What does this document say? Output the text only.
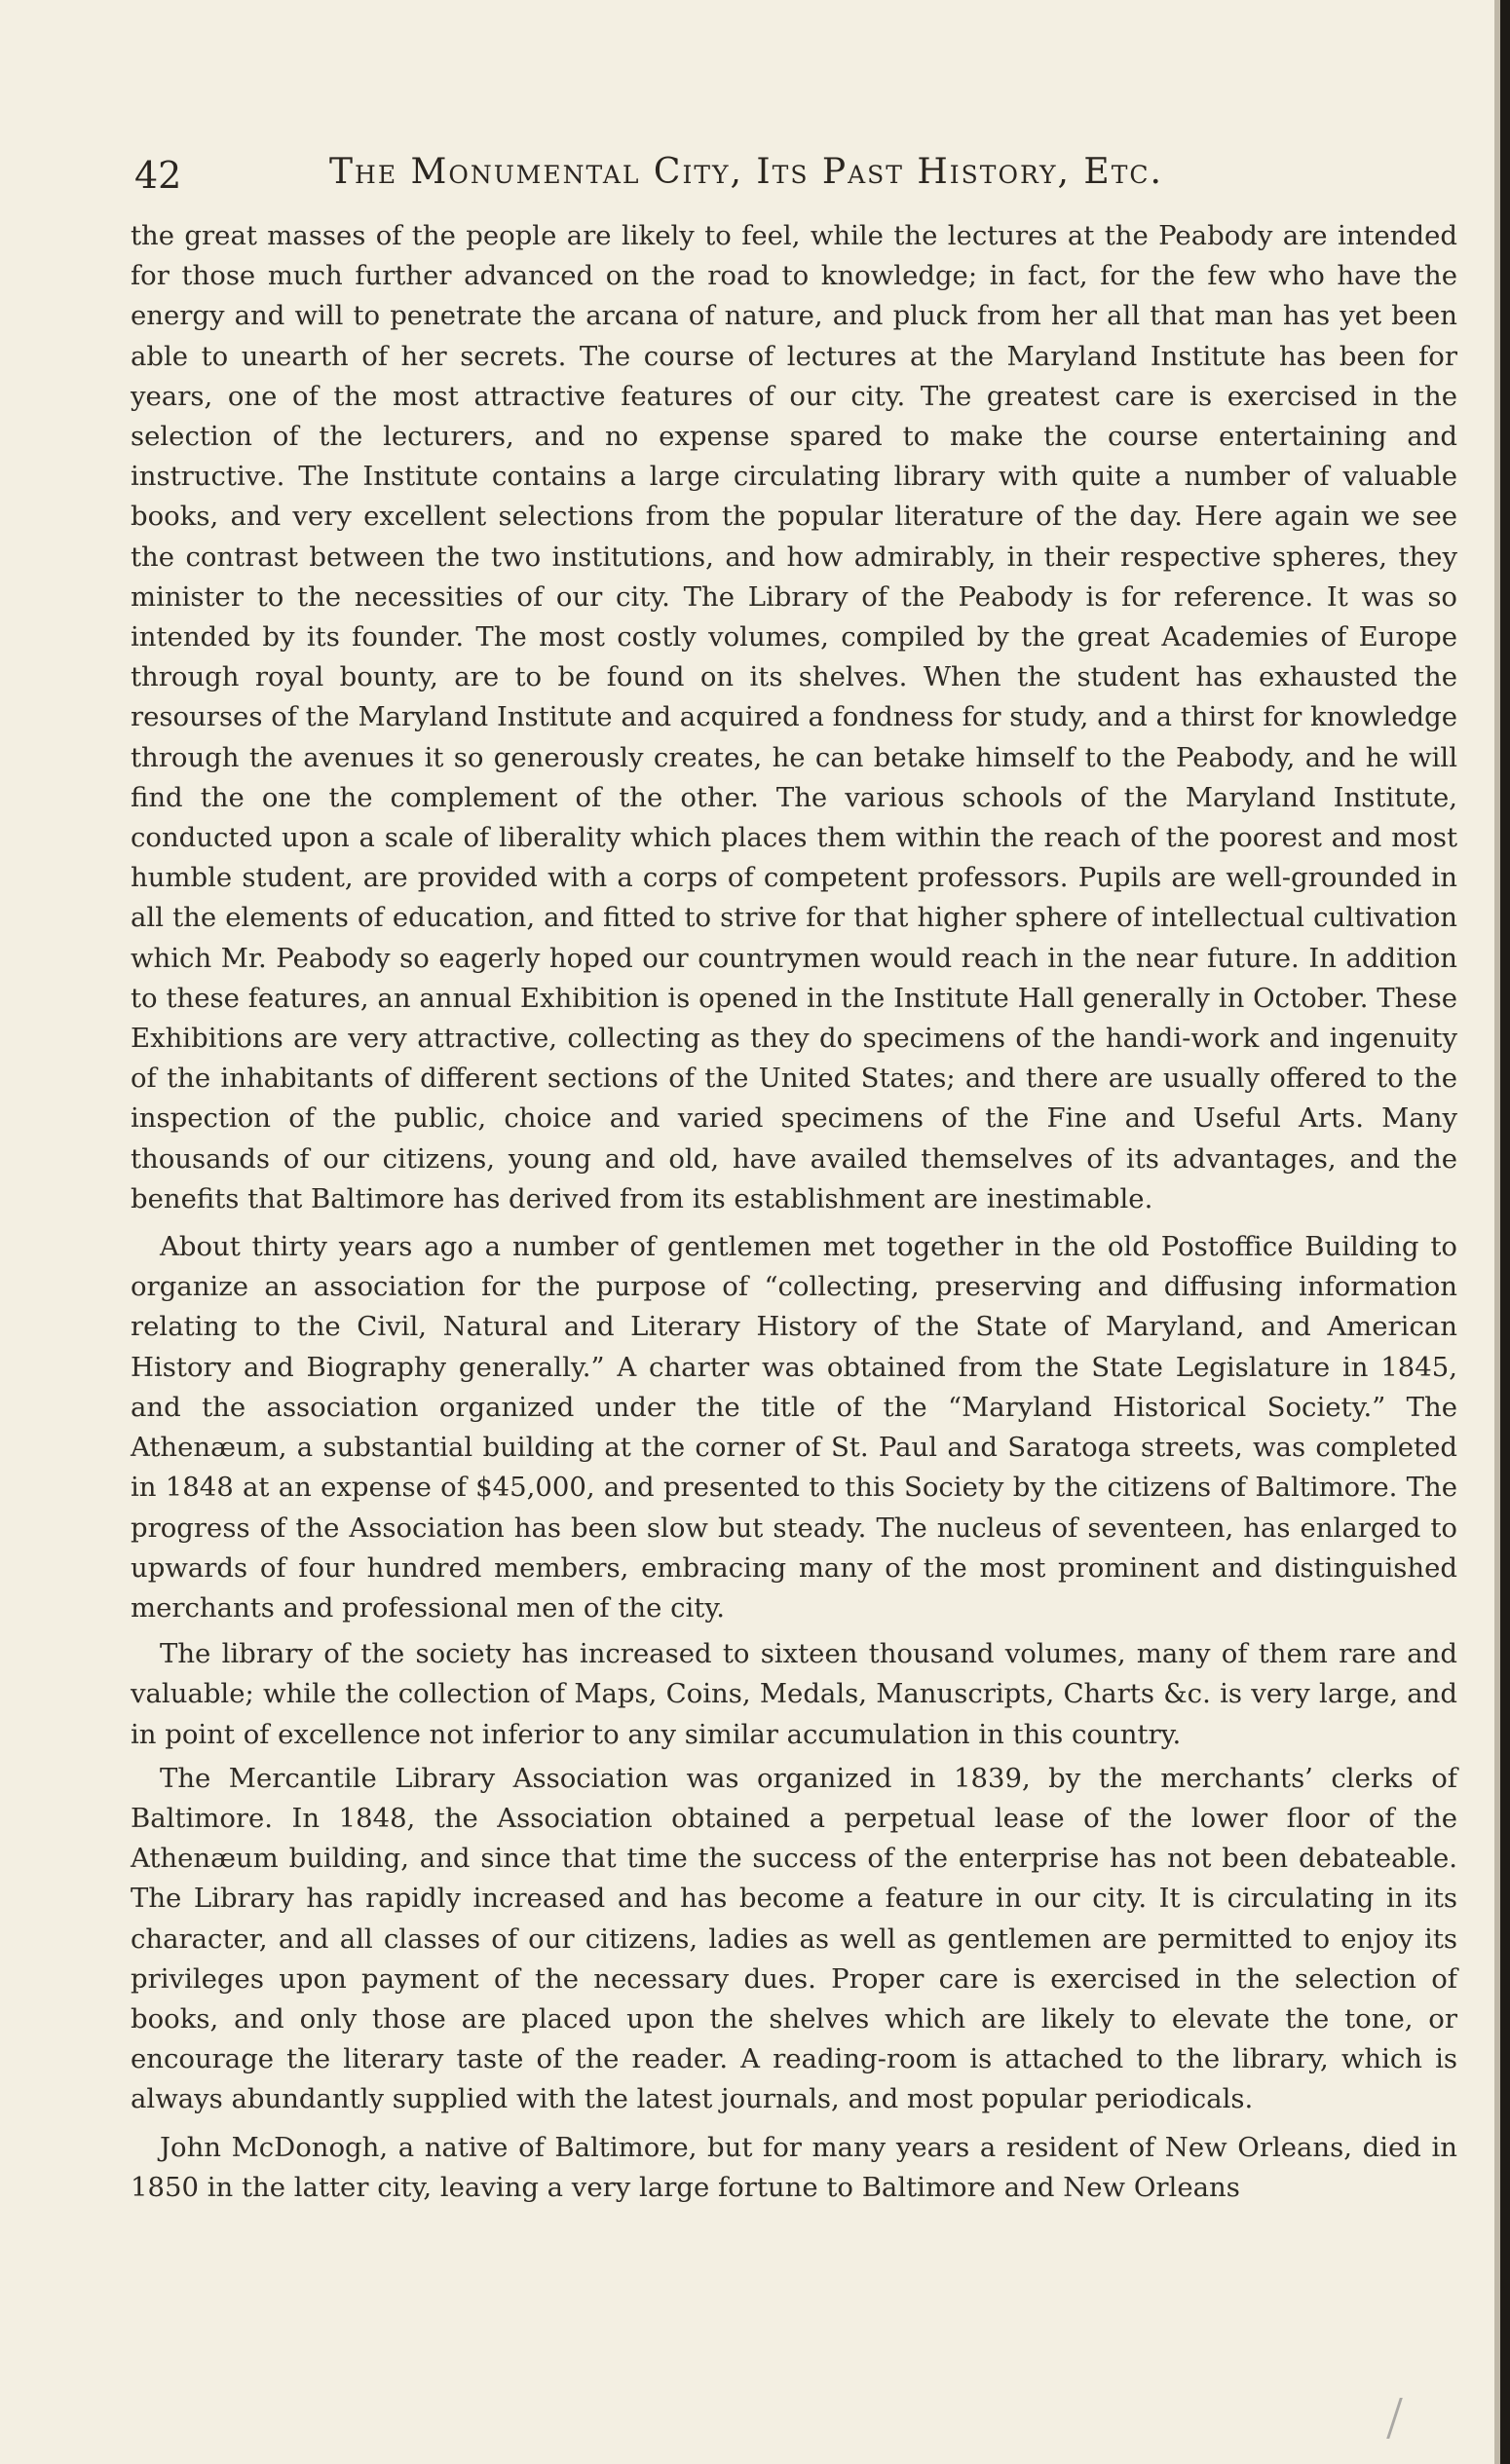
42	The Monumental City, Its Past History, Etc.

the great masses of the people are likely to feel, while the lectures at the Peabody are intended for those much further advanced on the road to knowledge; in fact, for the few who have the energy and will to penetrate the arcana of nature, and pluck from her all that man has yet been able to unearth of her secrets. The course of lectures at the Maryland Institute has been for years, one of the most attractive features of our city. The greatest care is exercised in the selection of the lecturers, and no expense spared to make the course entertaining and instructive. The Institute contains a large circulating library with quite a number of valuable books, and very excellent selections from the popular literature of the day. Here again we see the contrast between the two institutions, and how admirably, in their respective spheres, they minister to the necessities of our city. The Library of the Peabody is for reference. It was so intended by its founder. The most costly volumes, compiled by the great Academies of Europe through royal bounty, are to be found on its shelves. When the student has exhausted the resourses of the Maryland Institute and acquired a fondness for study, and a thirst for knowledge through the avenues it so generously creates, he can betake himself to the Peabody, and he will find the one the complement of the other. The various schools of the Maryland Institute, conducted upon a scale of liberality which places them within the reach of the poorest and most humble student, are provided with a corps of competent professors. Pupils are well-grounded in all the elements of education, and fitted to strive for that higher sphere of intellectual cultivation which Mr. Peabody so eagerly hoped our countrymen would reach in the near future. In addition to these features, an annual Exhibition is opened in the Institute Hall generally in October. These Exhibitions are very attractive, collecting as they do specimens of the handi-work and ingenuity of the inhabitants of different sections of the United States; and there are usually offered to the inspection of the public, choice and varied specimens of the Fine and Useful Arts. Many thousands of our citizens, young and old, have availed themselves of its advantages, and the benefits that Baltimore has derived from its establishment are inestimable.

About thirty years ago a number of gentlemen met together in the old Postoffice Building to organize an association for the purpose of “collecting, preserving and diffusing information relating to the Civil, Natural and Literary History of the State of Maryland, and American History and Biography generally.” A charter was obtained from the State Legislature in 1845, and the association organized under the title of the “Maryland Historical Society.” The Athenæum, a substantial building at the corner of St. Paul and Saratoga streets, was completed in 1848 at an expense of $45,000, and presented to this Society by the citizens of Baltimore. The progress of the Association has been slow but steady. The nucleus of seventeen, has enlarged to upwards of four hundred members, embracing many of the most prominent and distinguished merchants and professional men of the city.

The library of the society has increased to sixteen thousand volumes, many of them rare and valuable; while the collection of Maps, Coins, Medals, Manuscripts, Charts &c. is very large, and in point of excellence not inferior to any similar accumulation in this country.

The Mercantile Library Association was organized in 1839, by the merchants’ clerks of Baltimore. In 1848, the Association obtained a perpetual lease of the lower floor of the Athenæum building, and since that time the success of the enterprise has not been debateable. The Library has rapidly increased and has become a feature in our city. It is circulating in its character, and all classes of our citizens, ladies as well as gentlemen are permitted to enjoy its privileges upon payment of the necessary dues. Proper care is exercised in the selection of books, and only those are placed upon the shelves which are likely to elevate the tone, or encourage the literary taste of the reader. A reading-room is attached to the library, which is always abundantly supplied with the latest journals, and most popular periodicals.

John McDonogh, a native of Baltimore, but for many years a resident of New Orleans, died in 1850 in the latter city, leaving a very large fortune to Baltimore and New Orleans
